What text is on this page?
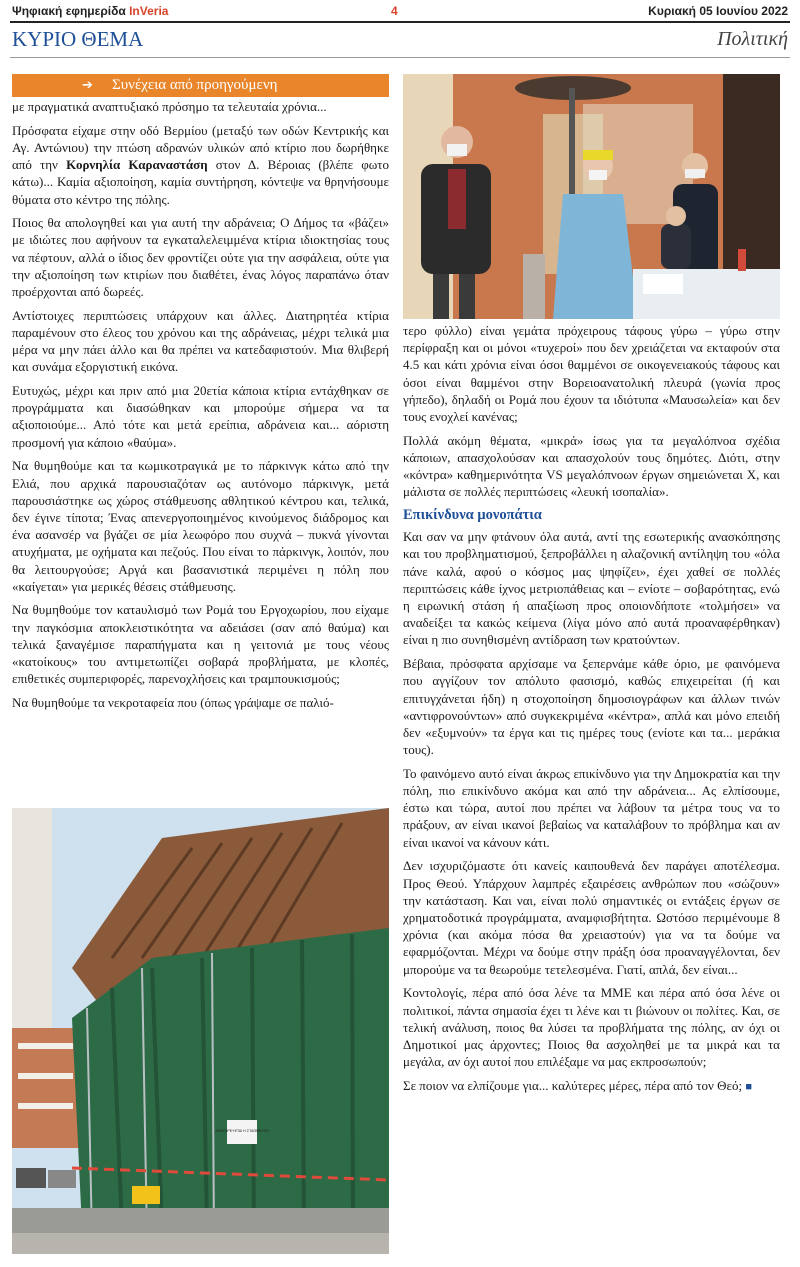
Ψηφιακή εφημερίδα InVeria	4	Κυριακή 05 Ιουνίου 2022
ΚΥΡΙΟ ΘΕΜΑ	Πολιτική
➔ Συνέχεια από προηγούμενη

με πραγματικά αναπτυξιακό πρόσημο τα τελευταία χρόνια...

Πρόσφατα είχαμε στην οδό Βερμίου (μεταξύ των οδών Κεντρικής και Αγ. Αντώνιου) την πτώση αδρανών υλικών από κτίριο που δωρήθηκε από την Κορνηλία Καραναστάση στον Δ. Βέροιας (βλέπε φωτο κάτω)... Καμία αξιοποίηση, καμία συντήρηση, κόντεψε να θρηνήσουμε θύματα στο κέντρο της πόλης.

Ποιος θα απολογηθεί και για αυτή την αδράνεια; Ο Δήμος τα «βάζει» με ιδιώτες που αφήνουν τα εγκαταλελειμμένα κτίρια ιδιοκτησίας τους να πέφτουν, αλλά ο ίδιος δεν φροντίζει ούτε για την ασφάλεια, ούτε για την αξιοποίηση των κτιρίων που διαθέτει, ένας λόγος παραπάνω όταν προέρχονται από δωρεές.

Αντίστοιχες περιπτώσεις υπάρχουν και άλλες. Διατηρητέα κτίρια παραμένουν στο έλεος του χρόνου και της αδράνειας, μέχρι τελικά μια μέρα να μην πάει άλλο και θα πρέπει να κατεδαφιστούν. Μια θλιβερή και συνάμα εξοργιστική εικόνα.

Ευτυχώς, μέχρι και πριν από μια 20ετία κάποια κτίρια εντάχθηκαν σε προγράμματα και διασώθηκαν και μπορούμε σήμερα να τα αξιοποιούμε... Από τότε και μετά ερείπια, αδράνεια και... αόριστη προσμονή για κάποιο «θαύμα».

Να θυμηθούμε και τα κωμικοτραγικά με το πάρκινγκ κάτω από την Ελιά, που αρχικά παρουσιαζόταν ως αυτόνομο πάρκινγκ, μετά παρουσιάστηκε ως χώρος στάθμευσης αθλητικού κέντρου και, τελικά, δεν έγινε τίποτα; Ένας απενεργοποιημένος κινούμενος διάδρομος και ένα ασανσέρ να βγάζει σε μία λεωφόρο που συχνά – πυκνά γίνονται ατυχήματα, με οχήματα και πεζούς. Που είναι το πάρκινγκ, λοιπόν, που θα λειτουργούσε; Αργά και βασανιστικά περιμένει η πόλη που «καίγεται» για μερικές θέσεις στάθμευσης.

Να θυμηθούμε τον κατaυλισμό των Ρομά του Εργοχωρίου, που είχαμε την παγκόσμια αποκλειστικότητα να αδειάσει (σαν από θαύμα) και τελικά ξαναγέμισε παραπήγματα και η γειτονιά με τους νέους «κατοίκους» του αντιμετωπίζει σοβαρά προβλήματα, με κλοπές, επιθετικές συμπεριφορές, παρενοχλήσεις και τραμπουκισμούς;

Να θυμηθούμε τα νεκροταφεία που (όπως γράψαμε σε παλιό-

ΑΠΑΓΟΡΕΥΕΤΑΙ Η ΣΤΑΘΜΕΥΣΗ

τερο φύλλο) είναι γεμάτα πρόχειρους τάφους γύρω – γύρω στην περίφραξη και οι μόνοι «τυχεροί» που δεν χρειάζεται να εκταφούν στα 4.5 και κάτι χρόνια είναι όσοι θαμμένοι σε οικογενειακούς τάφους και όσοι είναι θαμμένοι στην Βορειοανατολική πλευρά (γωνία προς γήπεδο), δηλαδή οι Ρομά που έχουν τα ιδιότυπα «Μαυσωλεία» και δεν τους ενοχλεί κανένας;

Πολλά ακόμη θέματα, «μικρά» ίσως για τα μεγαλόπνοα σχέδια κάποιων, απασχολούσαν και απασχολούν τους δημότες. Διότι, στην «κόντρα» καθημερινότητα VS μεγαλόπνοων έργων σημειώνεται Χ, και μάλιστα σε πολλές περιπτώσεις «λευκή ισοπαλία».

Επικίνδυνα μονοπάτια

Και σαν να μην φτάνουν όλα αυτά, αντί της εσωτερικής ανασκόπησης και του προβληματισμού, ξεπροβάλλει η αλαζονική αντίληψη του «όλα πάνε καλά, αφού ο κόσμος μας ψηφίζει», έχει χαθεί σε πολλές περιπτώσεις κάθε ίχνος μετριοπάθειας και – ενίοτε – σοβαρότητας, ενώ η ειρωνική στάση ή απαξίωση προς οποιονδήποτε «τολμήσει» να αναδείξει τα κακώς κείμενα (λίγα μόνο από αυτά προαναφέρθηκαν) είναι η πιο συνηθισμένη αντίδραση των κρατούντων.

Βέβαια, πρόσφατα αρχίσαμε να ξεπερνάμε κάθε όριο, με φαινόμενα που αγγίζουν τον απόλυτο φασισμό, καθώς επιχειρείται (ή και επιτυγχάνεται ήδη) η στοχοποίηση δημοσιογράφων και άλλων τινών «αντιφρονούντων» από συγκεκριμένα «κέντρα», απλά και μόνο επειδή δεν «εξυμνούν» τα έργα και τις ημέρες τους (ενίοτε και τα... μεράκια τους).

Το φαινόμενο αυτό είναι άκρως επικίνδυνο για την Δημοκρατία και την πόλη, πιο επικίνδυνο ακόμα και από την αδράνεια... Ας ελπίσουμε, έστω και τώρα, αυτοί που πρέπει να λάβουν τα μέτρα τους να το πράξουν, αν είναι ικανοί βεβαίως να καταλάβουν το πρόβλημα και αν είναι ικανοί να κάνουν κάτι.

Δεν ισχυριζόμαστε ότι κανείς καιπουθενά δεν παράγει αποτέλεσμα. Προς Θεού. Υπάρχουν λαμπρές εξαιρέσεις ανθρώπων που «σώζουν» την κατάσταση. Και ναι, είναι πολύ σημαντικές οι εντάξεις έργων σε χρηματοδοτικά προγράμματα, αναμφισβήτητα. Ωστόσο περιμένουμε 8 χρόνια (και ακόμα πόσα θα χρειαστούν) για να τα δούμε να εφαρμόζονται. Μέχρι να δούμε στην πράξη όσα προαναγγέλονται, δεν μπορούμε να τα θεωρούμε τετελεσμένα. Γιατί, απλά, δεν είναι...

Κοντολογίς, πέρα από όσα λένε τα ΜΜΕ και πέρα από όσα λένε οι πολιτικοί, πάντα σημασία έχει τι λένε και τι βιώνουν οι πολίτες. Και, σε τελική ανάλυση, ποιος θα λύσει τα προβλήματα της πόλης, αν όχι οι Δημοτικοί μας άρχοντες; Ποιος θα ασχοληθεί με τα μικρά και τα μεγάλα, αν όχι αυτοί που επιλέξαμε να μας εκπροσωπούν;

Σε ποιον να ελπίζουμε για... καλύτερες μέρες, πέρα από τον Θεό; ■
